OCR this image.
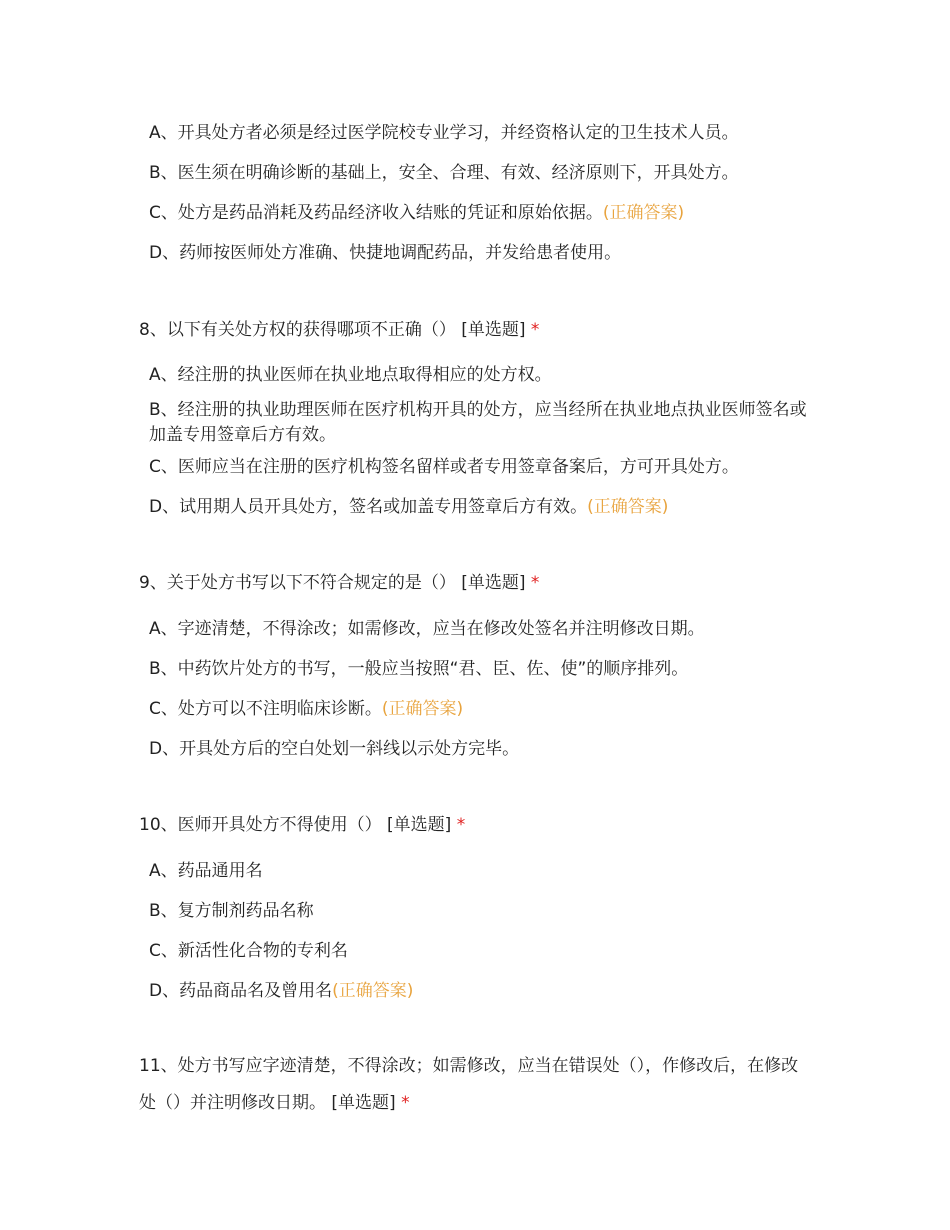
A、开具处方者必须是经过医学院校专业学习，并经资格认定的卫生技术人员。
B、医生须在明确诊断的基础上，安全、合理、有效、经济原则下，开具处方。
C、处方是药品消耗及药品经济收入结账的凭证和原始依据。(正确答案)
D、药师按医师处方准确、快捷地调配药品，并发给患者使用。
8、以下有关处方权的获得哪项不正确（） [单选题] *
A、经注册的执业医师在执业地点取得相应的处方权。
B、经注册的执业助理医师在医疗机构开具的处方，应当经所在执业地点执业医师签名或加盖专用签章后方有效。
C、医师应当在注册的医疗机构签名留样或者专用签章备案后，方可开具处方。
D、试用期人员开具处方，签名或加盖专用签章后方有效。(正确答案)
9、关于处方书写以下不符合规定的是（） [单选题] *
A、字迹清楚，不得涂改；如需修改，应当在修改处签名并注明修改日期。
B、中药饮片处方的书写，一般应当按照“君、臣、佐、使”的顺序排列。
C、处方可以不注明临床诊断。(正确答案)
D、开具处方后的空白处划一斜线以示处方完毕。
10、医师开具处方不得使用（） [单选题] *
A、药品通用名
B、复方制剂药品名称
C、新活性化合物的专利名
D、药品商品名及曾用名(正确答案)
11、处方书写应字迹清楚，不得涂改；如需修改，应当在错误处（），作修改后，在修改处（）并注明修改日期。 [单选题] *
